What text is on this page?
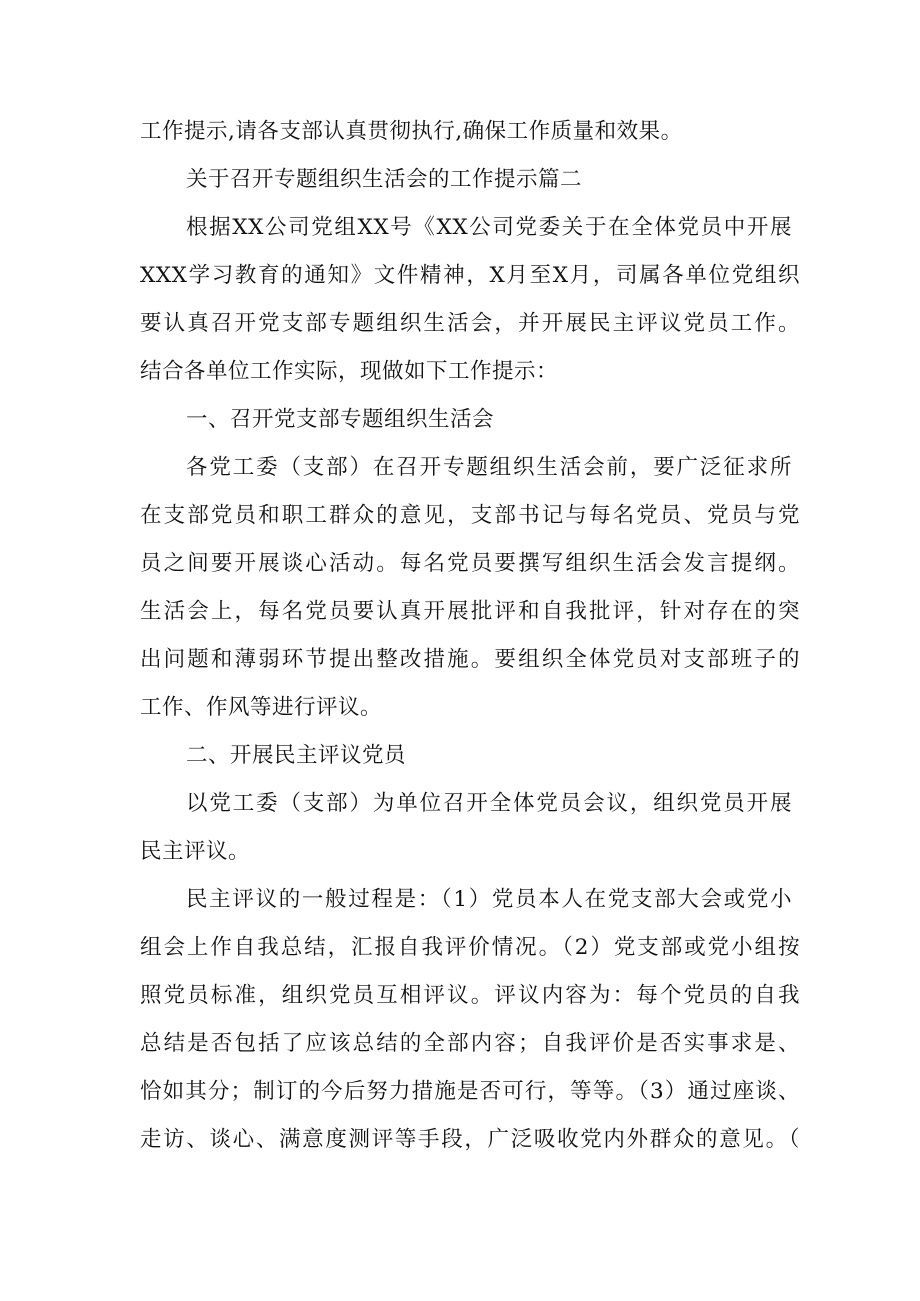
工作提示,请各支部认真贯彻执行,确保工作质量和效果。
关于召开专题组织生活会的工作提示篇二
根据XX公司党组XX号《XX公司党委关于在全体党员中开展
XXX学习教育的通知》文件精神，X月至X月，司属各单位党组织
要认真召开党支部专题组织生活会，并开展民主评议党员工作。
结合各单位工作实际，现做如下工作提示：
一、召开党支部专题组织生活会
各党工委（支部）在召开专题组织生活会前，要广泛征求所
在支部党员和职工群众的意见，支部书记与每名党员、党员与党
员之间要开展谈心活动。每名党员要撰写组织生活会发言提纲。
生活会上，每名党员要认真开展批评和自我批评，针对存在的突
出问题和薄弱环节提出整改措施。要组织全体党员对支部班子的
工作、作风等进行评议。
二、开展民主评议党员
以党工委（支部）为单位召开全体党员会议，组织党员开展
民主评议。
民主评议的一般过程是：（1）党员本人在党支部大会或党小
组会上作自我总结，汇报自我评价情况。（2）党支部或党小组按
照党员标准，组织党员互相评议。评议内容为：每个党员的自我
总结是否包括了应该总结的全部内容；自我评价是否实事求是、
恰如其分；制订的今后努力措施是否可行，等等。（3）通过座谈、
走访、谈心、满意度测评等手段，广泛吸收党内外群众的意见。（
